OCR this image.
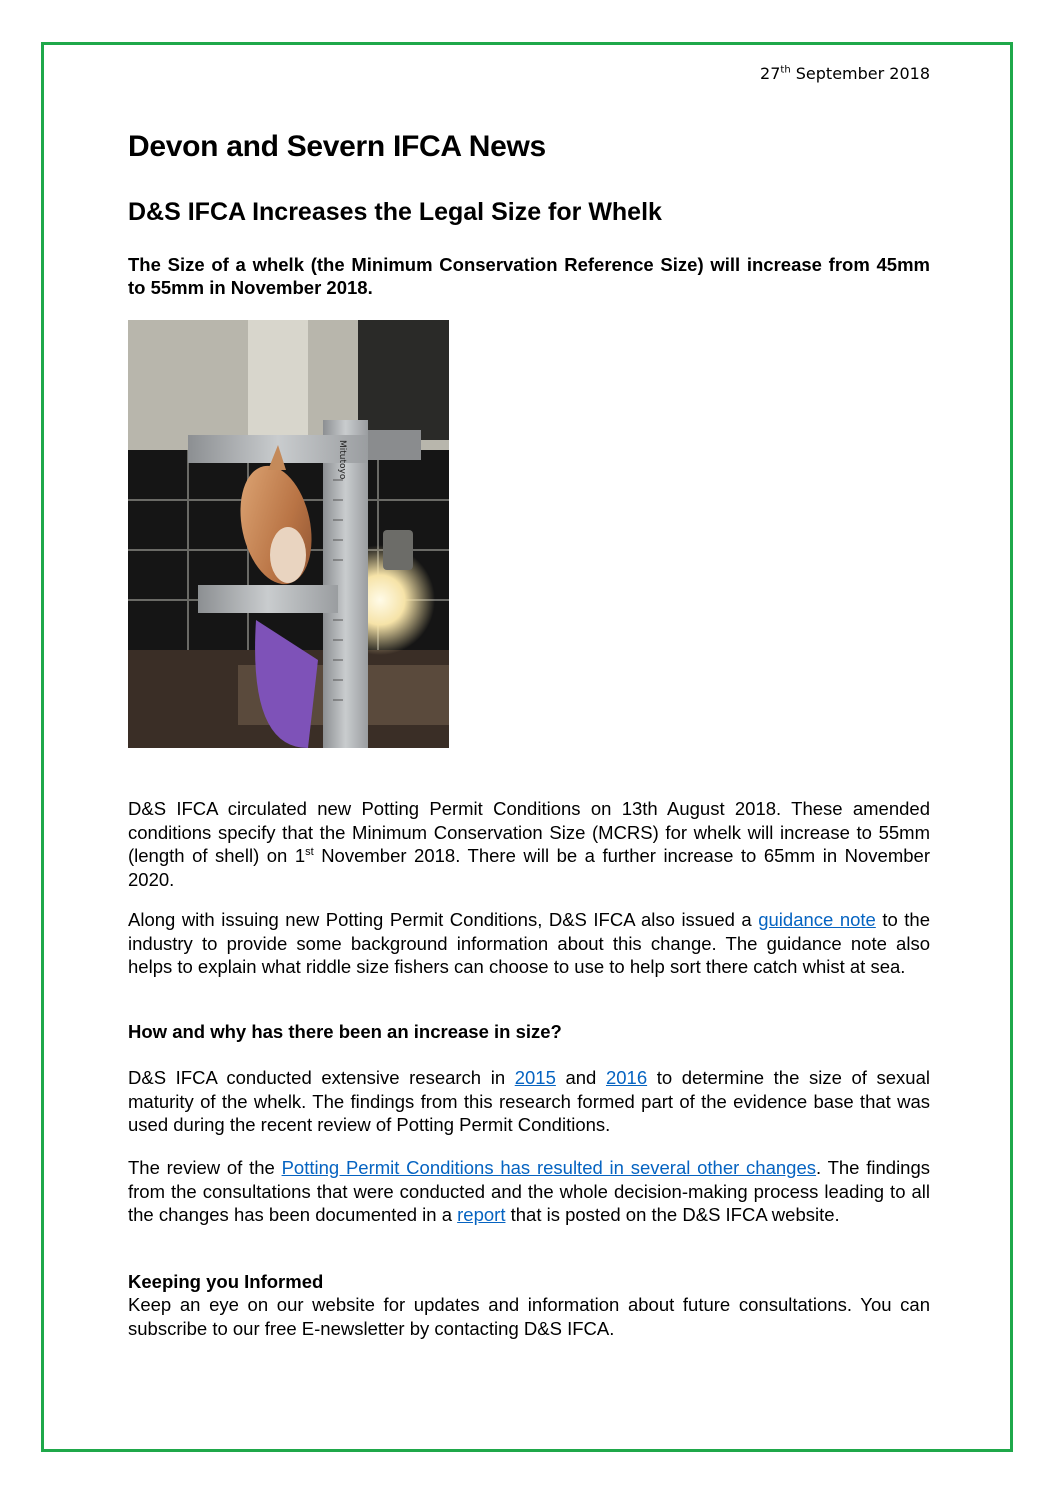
27th September 2018
Devon and Severn IFCA News
D&S IFCA Increases the Legal Size for Whelk

The Size of a whelk (the Minimum Conservation Reference Size) will increase from 45mm to 55mm in November 2018.

Mitutoyo

D&S IFCA circulated new Potting Permit Conditions on 13th August 2018. These amended conditions specify that the Minimum Conservation Size (MCRS) for whelk will increase to 55mm (length of shell) on 1st November 2018. There will be a further increase to 65mm in November 2020.

Along with issuing new Potting Permit Conditions, D&S IFCA also issued a guidance note to the industry to provide some background information about this change. The guidance note also helps to explain what riddle size fishers can choose to use to help sort there catch whist at sea.

How and why has there been an increase in size?

D&S IFCA conducted extensive research in 2015 and 2016 to determine the size of sexual maturity of the whelk. The findings from this research formed part of the evidence base that was used during the recent review of Potting Permit Conditions.

The review of the Potting Permit Conditions has resulted in several other changes. The findings from the consultations that were conducted and the whole decision-making process leading to all the changes has been documented in a report that is posted on the D&S IFCA website.

Keeping you Informed

Keep an eye on our website for updates and information about future consultations. You can subscribe to our free E-newsletter by contacting D&S IFCA.
